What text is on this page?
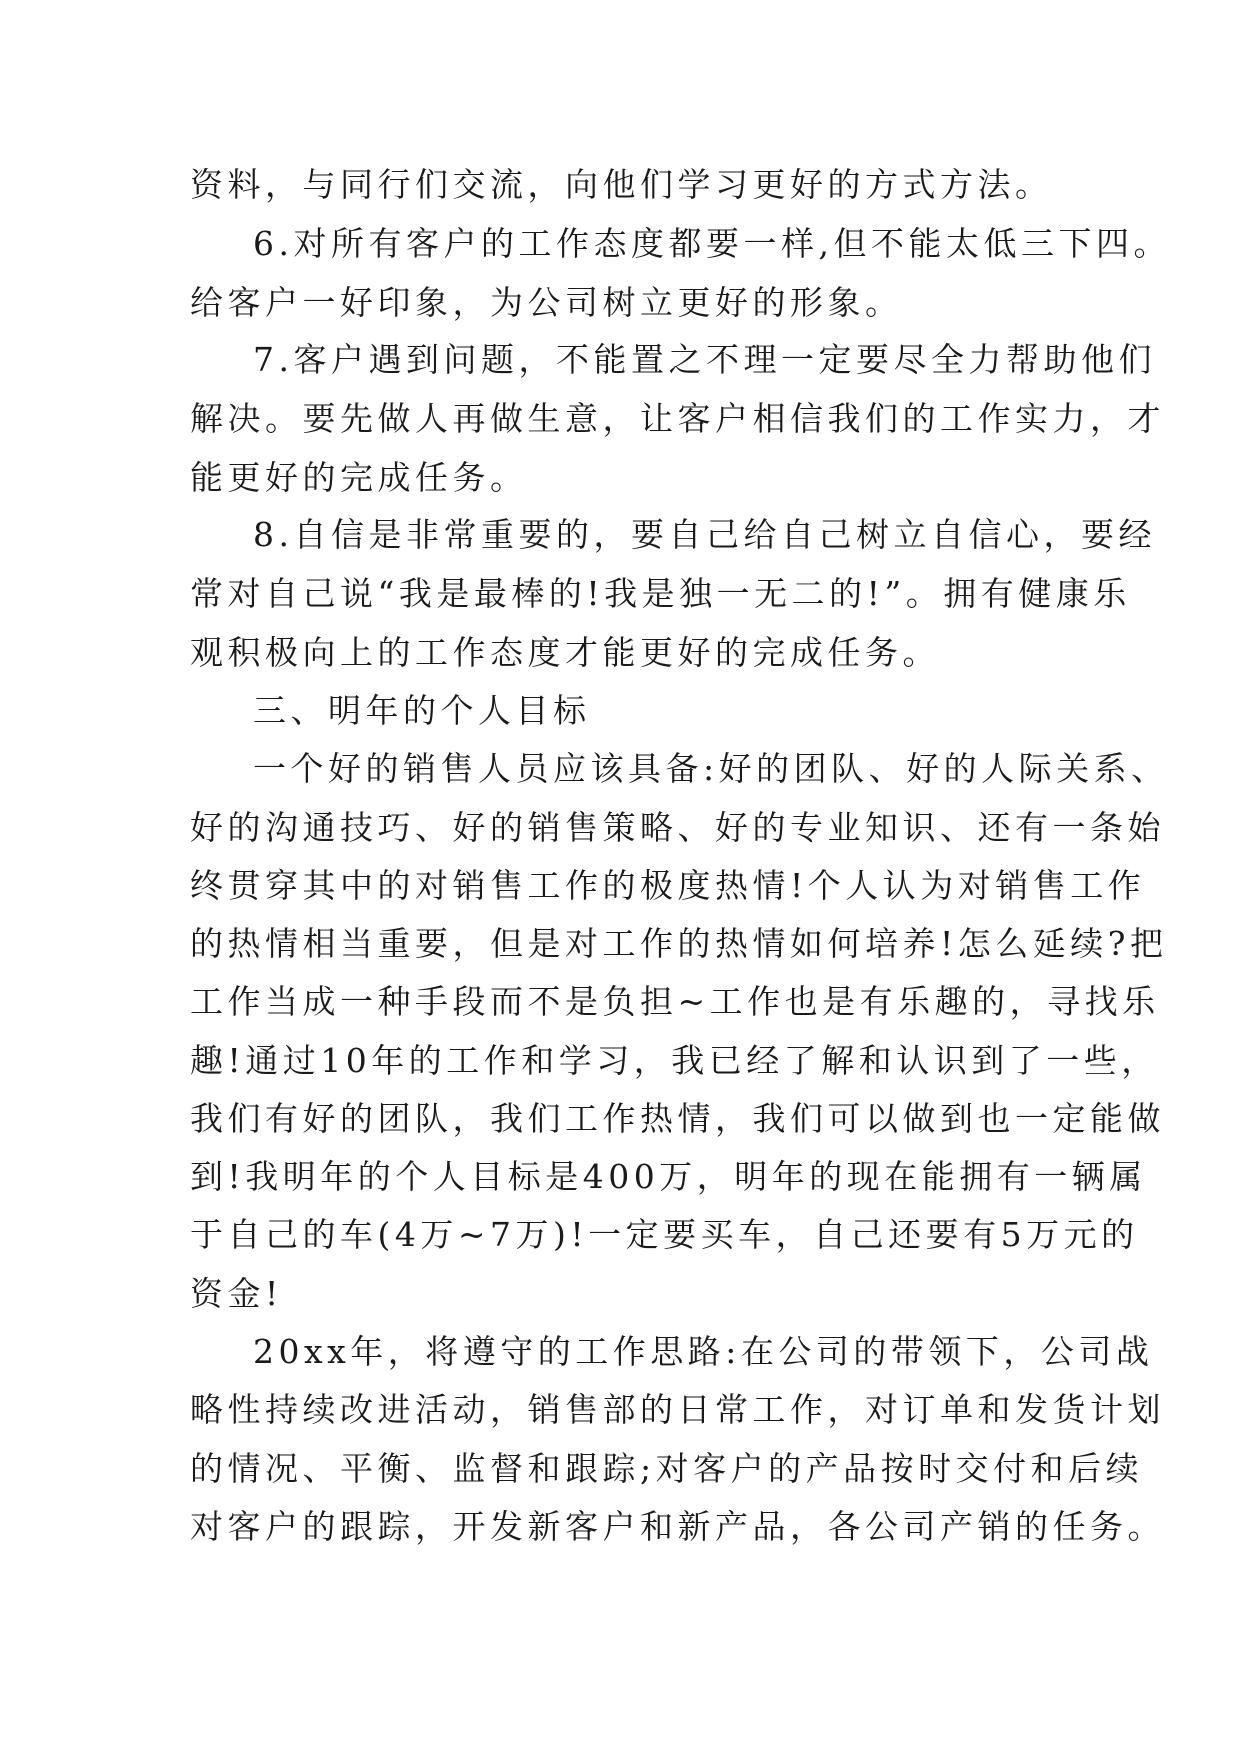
资料，与同行们交流，向他们学习更好的方式方法。
6.对所有客户的工作态度都要一样,但不能太低三下四。
给客户一好印象，为公司树立更好的形象。
7.客户遇到问题，不能置之不理一定要尽全力帮助他们
解决。要先做人再做生意，让客户相信我们的工作实力，才
能更好的完成任务。
8.自信是非常重要的，要自己给自己树立自信心，要经
常对自己说“我是最棒的!我是独一无二的!”。拥有健康乐
观积极向上的工作态度才能更好的完成任务。
三、明年的个人目标
一个好的销售人员应该具备:好的团队、好的人际关系、
好的沟通技巧、好的销售策略、好的专业知识、还有一条始
终贯穿其中的对销售工作的极度热情!个人认为对销售工作
的热情相当重要，但是对工作的热情如何培养!怎么延续?把
工作当成一种手段而不是负担~工作也是有乐趣的，寻找乐
趣!通过10年的工作和学习，我已经了解和认识到了一些，
我们有好的团队，我们工作热情，我们可以做到也一定能做
到!我明年的个人目标是400万，明年的现在能拥有一辆属
于自己的车(4万~7万)!一定要买车，自己还要有5万元的
资金!
20xx年，将遵守的工作思路:在公司的带领下，公司战
略性持续改进活动，销售部的日常工作，对订单和发货计划
的情况、平衡、监督和跟踪;对客户的产品按时交付和后续
对客户的跟踪，开发新客户和新产品，各公司产销的任务。
